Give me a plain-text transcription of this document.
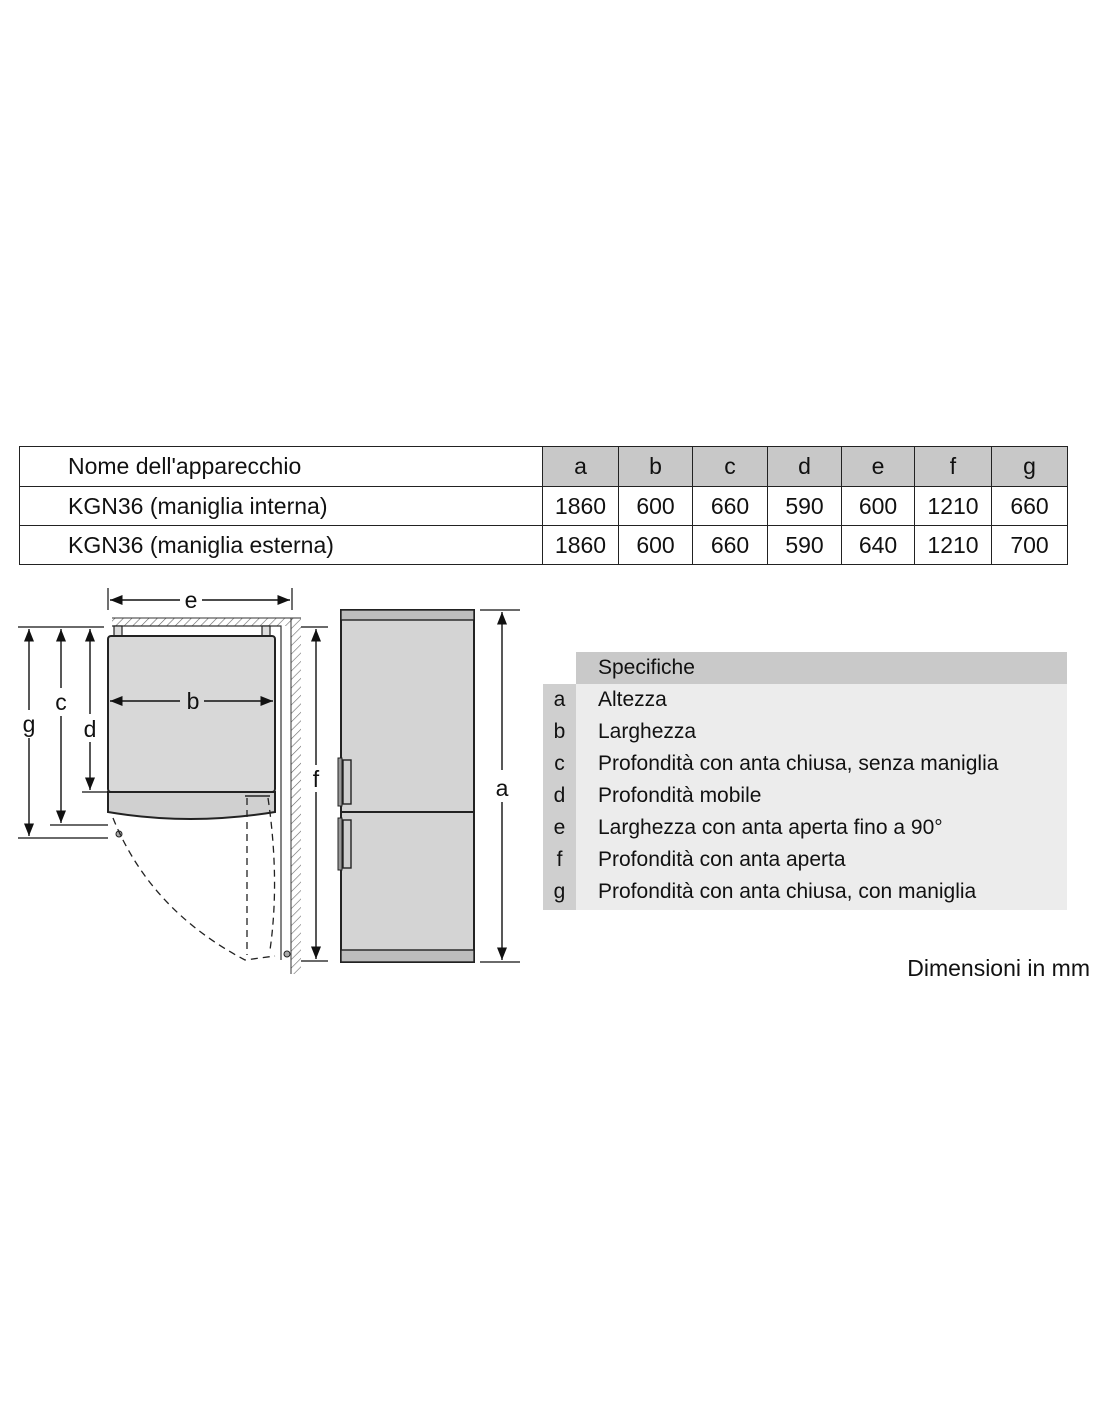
Nome dell'apparecchio	a	b	c	d	e	f	g
KGN36 (maniglia interna)	1860	600	660	590	600	1210	660
KGN36 (maniglia esterna)	1860	600	660	590	640	1210	700
e
b
g
c
d
f	a
Specifiche
a	Altezza
b	Larghezza
c	Profondità con anta chiusa, senza maniglia
d	Profondità mobile
e	Larghezza con anta aperta fino a 90°
f	Profondità con anta aperta
g	Profondità con anta chiusa, con maniglia
Dimensioni in mm
